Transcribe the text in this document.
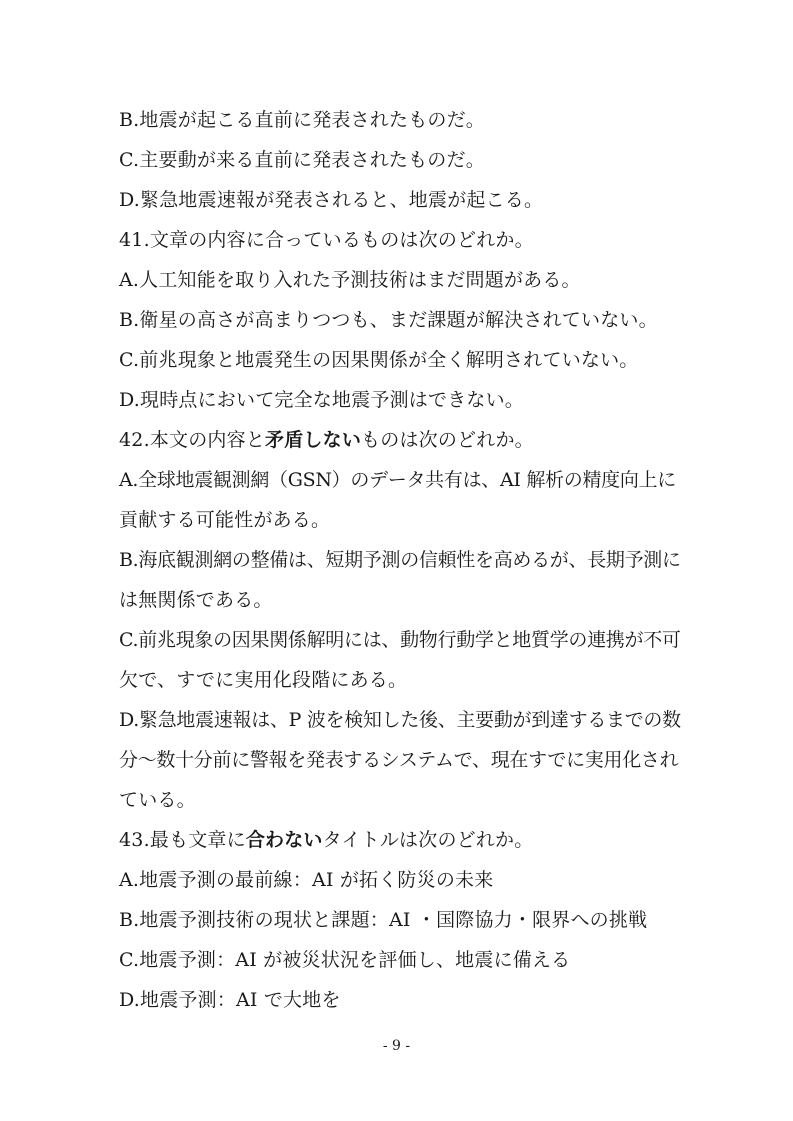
B.地震が起こる直前に発表されたものだ。
C.主要動が来る直前に発表されたものだ。
D.緊急地震速報が発表されると、地震が起こる。
41.文章の内容に合っているものは次のどれか。
A.人工知能を取り入れた予測技術はまだ問題がある。
B.衛星の高さが高まりつつも、まだ課題が解決されていない。
C.前兆現象と地震発生の因果関係が全く解明されていない。
D.現時点において完全な地震予測はできない。
42.本文の内容と矛盾しないものは次のどれか。
A.全球地震観測網（GSN）のデータ共有は、AI 解析の精度向上に
貢献する可能性がある。
B.海底観測網の整備は、短期予測の信頼性を高めるが、長期予測に
は無関係である。
C.前兆現象の因果関係解明には、動物行動学と地質学の連携が不可
欠で、すでに実用化段階にある。
D.緊急地震速報は、P 波を検知した後、主要動が到達するまでの数
分～数十分前に警報を発表するシステムで、現在すでに実用化され
ている。
43.最も文章に合わないタイトルは次のどれか。
A.地震予測の最前線：AI が拓く防災の未来
B.地震予測技術の現状と課題：AI ・国際協力・限界への挑戦
C.地震予測：AI が被災状況を評価し、地震に備える
D.地震予測：AI で大地を
- 9 -
